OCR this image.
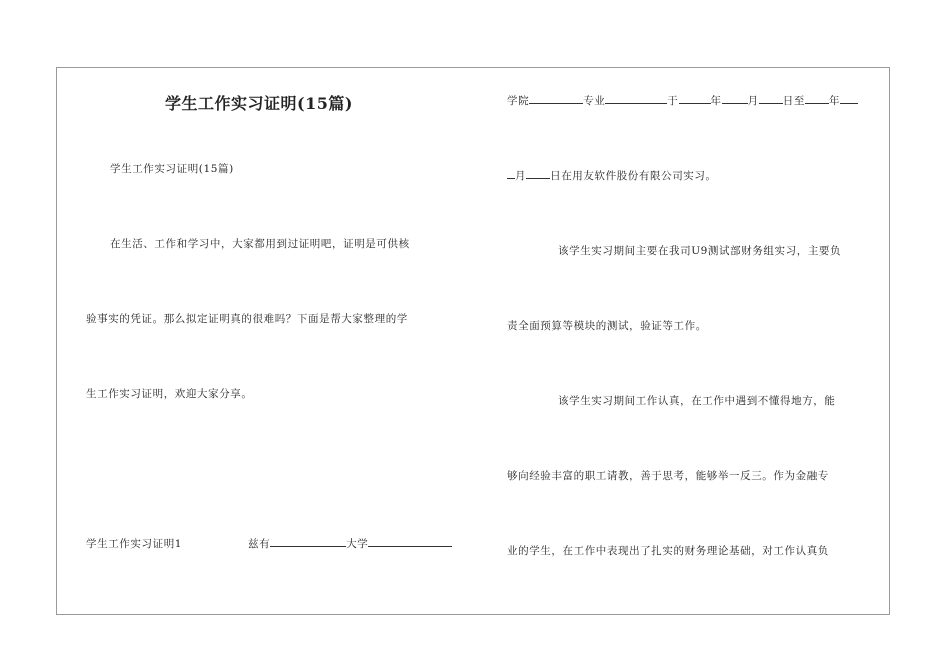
学生工作实习证明(15篇)
学生工作实习证明(15篇)
在生活、工作和学习中，大家都用到过证明吧，证明是可供核
验事实的凭证。那么拟定证明真的很难吗？下面是帮大家整理的学
生工作实习证明，欢迎大家分享。
学生工作实习证明1	兹有	大学
学院	专业	于	年 月 日至 年
月 日在用友软件股份有限公司实习。
该学生实习期间主要在我司U9测试部财务组实习，主要负
责全面预算等模块的测试，验证等工作。
该学生实习期间工作认真，在工作中遇到不懂得地方，能
够向经验丰富的职工请教，善于思考，能够举一反三。作为金融专
业的学生，在工作中表现出了扎实的财务理论基础，对工作认真负
